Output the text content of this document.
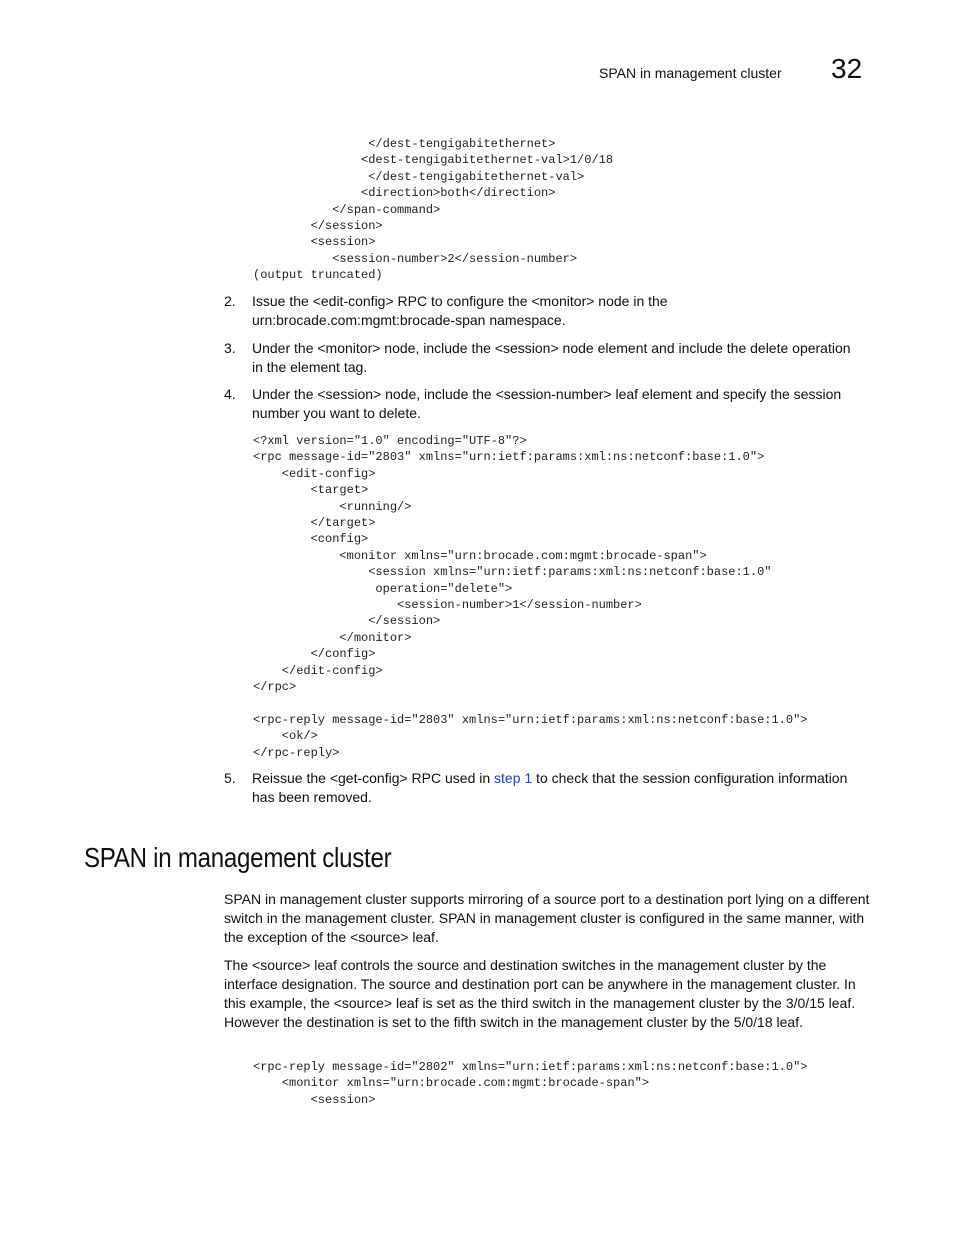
SPAN in management cluster 32
</dest-tengigabitethernet>
<dest-tengigabitethernet-val>1/0/18
</dest-tengigabitethernet-val>
<direction>both</direction>
</span-command>
</session>
<session>
<session-number>2</session-number>
(output truncated)
2.	Issue the <edit-config> RPC to configure the <monitor> node in the urn:brocade.com:mgmt:brocade-span namespace.
3.	Under the <monitor> node, include the <session> node element and include the delete operation in the element tag.
4.	Under the <session> node, include the <session-number> leaf element and specify the session number you want to delete.
<?xml version="1.0" encoding="UTF-8"?>
<rpc message-id="2803" xmlns="urn:ietf:params:xml:ns:netconf:base:1.0">
<edit-config>
<target>
<running/>
</target>
<config>
<monitor xmlns="urn:brocade.com:mgmt:brocade-span">
<session xmlns="urn:ietf:params:xml:ns:netconf:base:1.0"
operation="delete">
<session-number>1</session-number>
</session>
</monitor>
</config>
</edit-config>
</rpc>

<rpc-reply message-id="2803" xmlns="urn:ietf:params:xml:ns:netconf:base:1.0">
<ok/>
</rpc-reply>
5.	Reissue the <get-config> RPC used in step 1 to check that the session configuration information has been removed.
SPAN in management cluster

SPAN in management cluster supports mirroring of a source port to a destination port lying on a different switch in the management cluster. SPAN in management cluster is configured in the same manner, with the exception of the <source> leaf.

The <source> leaf controls the source and destination switches in the management cluster by the interface designation. The source and destination port can be anywhere in the management cluster. In this example, the <source> leaf is set as the third switch in the management cluster by the 3/0/15 leaf. However the destination is set to the fifth switch in the management cluster by the 5/0/18 leaf.

<rpc-reply message-id="2802" xmlns="urn:ietf:params:xml:ns:netconf:base:1.0">
<monitor xmlns="urn:brocade.com:mgmt:brocade-span">
<session>
